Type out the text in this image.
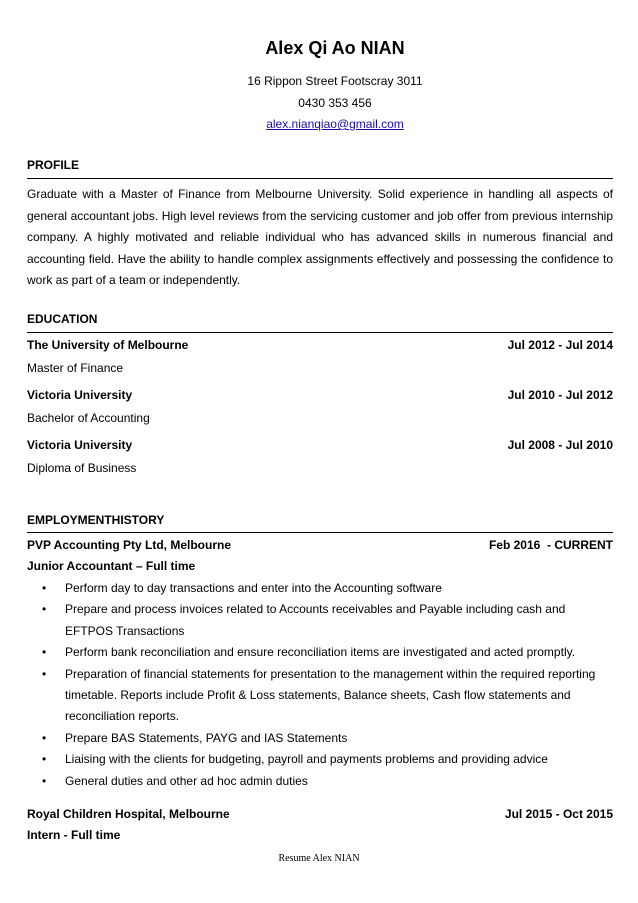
Alex Qi Ao NIAN
16 Rippon Street Footscray 3011
0430 353 456
alex.nianqiao@gmail.com
PROFILE
Graduate with a Master of Finance from Melbourne University. Solid experience in handling all aspects of general accountant jobs. High level reviews from the servicing customer and job offer from previous internship company. A highly motivated and reliable individual who has advanced skills in numerous financial and accounting field. Have the ability to handle complex assignments effectively and possessing the confidence to work as part of a team or independently.
EDUCATION
The University of Melbourne	Jul 2012 - Jul 2014
Master of Finance
Victoria University	Jul 2010 - Jul 2012
Bachelor of Accounting
Victoria University	Jul 2008 - Jul 2010
Diploma of Business
EMPLOYMENTHISTORY
PVP Accounting Pty Ltd, Melbourne	Feb 2016  - CURRENT
Junior Accountant – Full time
• Perform day to day transactions and enter into the Accounting software
• Prepare and process invoices related to Accounts receivables and Payable including cash and EFTPOS Transactions
• Perform bank reconciliation and ensure reconciliation items are investigated and acted promptly.
• Preparation of financial statements for presentation to the management within the required reporting timetable. Reports include Profit & Loss statements, Balance sheets, Cash flow statements and reconciliation reports.
• Prepare BAS Statements, PAYG and IAS Statements
• Liaising with the clients for budgeting, payroll and payments problems and providing advice
• General duties and other ad hoc admin duties
Royal Children Hospital, Melbourne	Jul 2015 - Oct 2015
Intern - Full time
Resume Alex NIAN
